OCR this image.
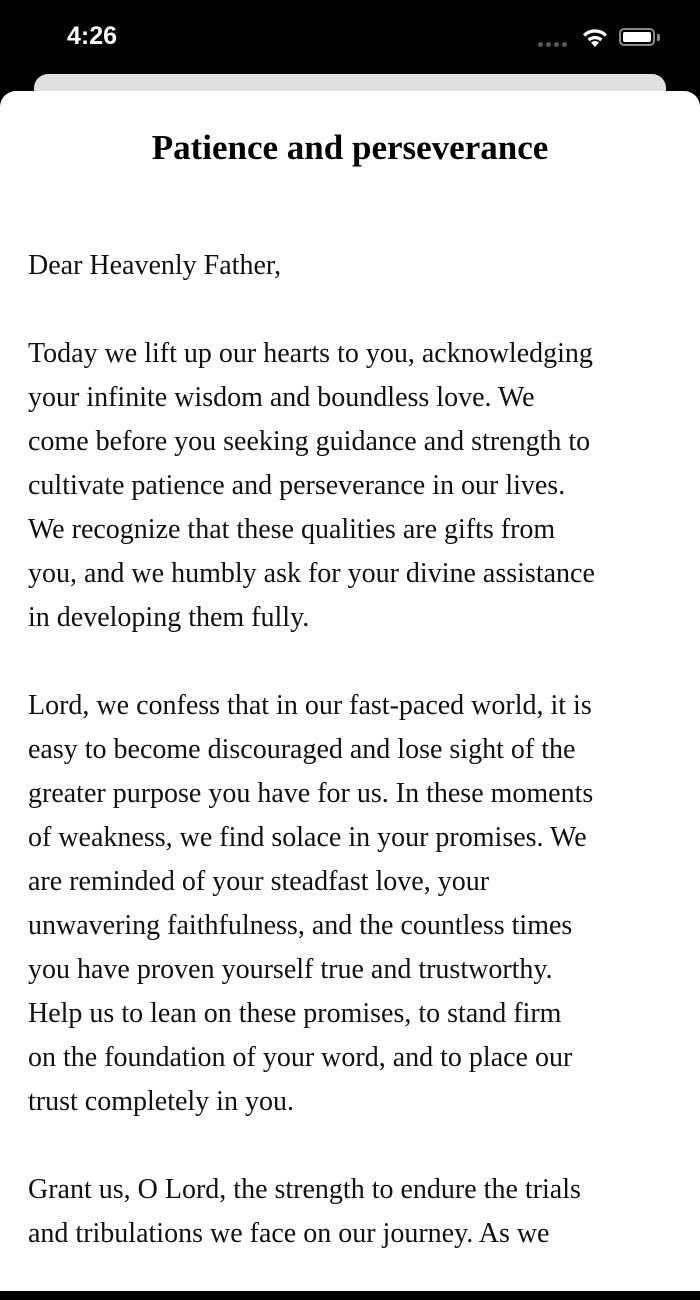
4:26
Patience and perseverance
Dear Heavenly Father,
Today we lift up our hearts to you, acknowledging
your infinite wisdom and boundless love. We
come before you seeking guidance and strength to
cultivate patience and perseverance in our lives.
We recognize that these qualities are gifts from
you, and we humbly ask for your divine assistance
in developing them fully.
Lord, we confess that in our fast-paced world, it is
easy to become discouraged and lose sight of the
greater purpose you have for us. In these moments
of weakness, we find solace in your promises. We
are reminded of your steadfast love, your
unwavering faithfulness, and the countless times
you have proven yourself true and trustworthy.
Help us to lean on these promises, to stand firm
on the foundation of your word, and to place our
trust completely in you.
Grant us, O Lord, the strength to endure the trials
and tribulations we face on our journey. As we
